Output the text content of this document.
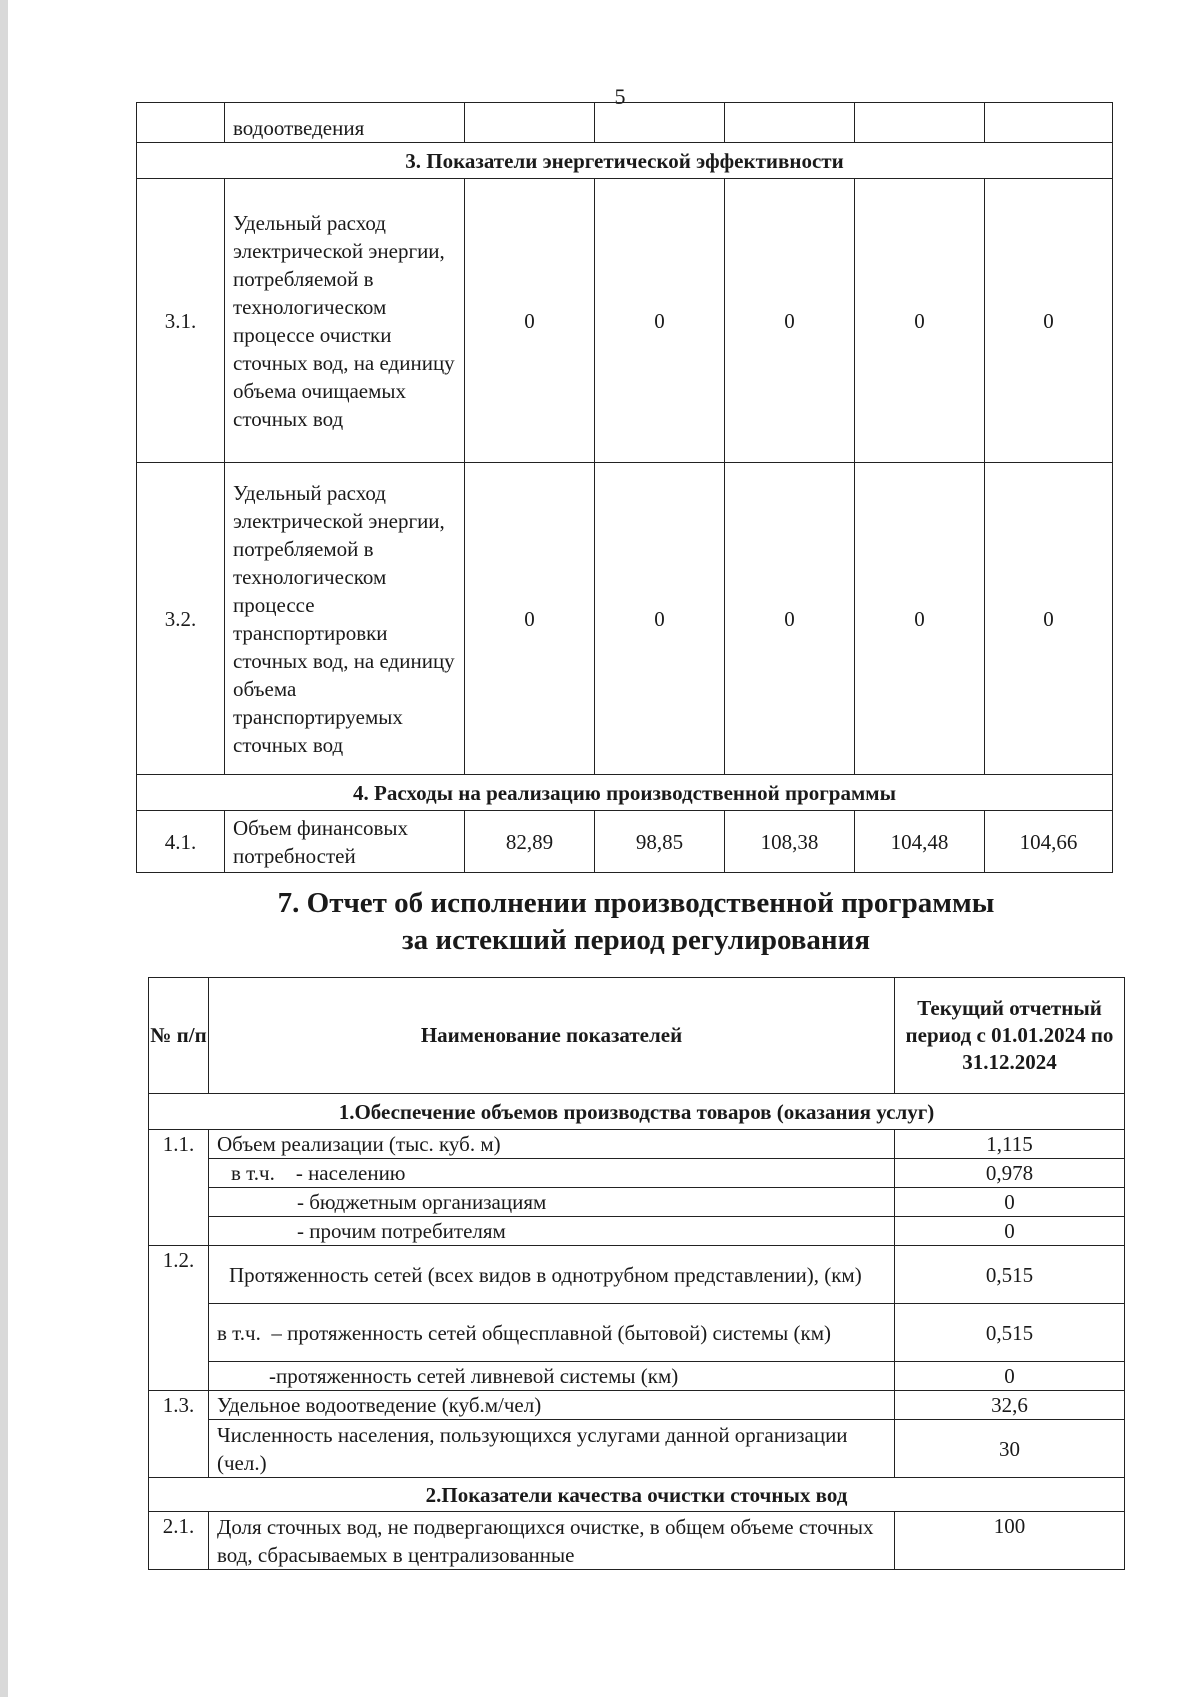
5
	водоотведения					
3. Показатели энергетической эффективности						
3.1.	Удельный расход электрической энергии, потребляемой в технологическом процессе очистки сточных вод, на единицу объема очищаемых сточных вод	0	0	0	0	0
3.2.	Удельный расход электрической энергии, потребляемой в технологическом процессе транспортировки сточных вод, на единицу объема транспортируемых сточных вод	0	0	0	0	0
4. Расходы на реализацию производственной программы						
4.1.	Объем финансовых потребностей	82,89	98,85	108,38	104,48	104,66
7. Отчет об исполнении производственной программы
за истекший период регулирования
№ п/п	Наименование показателей	Текущий отчетный период с 01.01.2024 по 31.12.2024
1.Обеспечение объемов производства товаров (оказания услуг)		
1.1.	Объем реализации (тыс. куб. м)	1,115
	в т.ч.    - населению	0,978
	- бюджетным организациям	0
	- прочим потребителям	0
1.2.	Протяженность сетей (всех видов в однотрубном представлении), (км)	0,515
	в т.ч.  – протяженность сетей общесплавной (бытовой) системы (км)	0,515
	-протяженность сетей ливневой системы (км)	0
1.3.	Удельное водоотведение (куб.м/чел)	32,6
	Численность населения, пользующихся услугами данной организации (чел.)	30
2.Показатели качества очистки сточных вод		
2.1.	Доля сточных вод, не подвергающихся очистке, в общем объеме сточных вод, сбрасываемых в централизованные	100
